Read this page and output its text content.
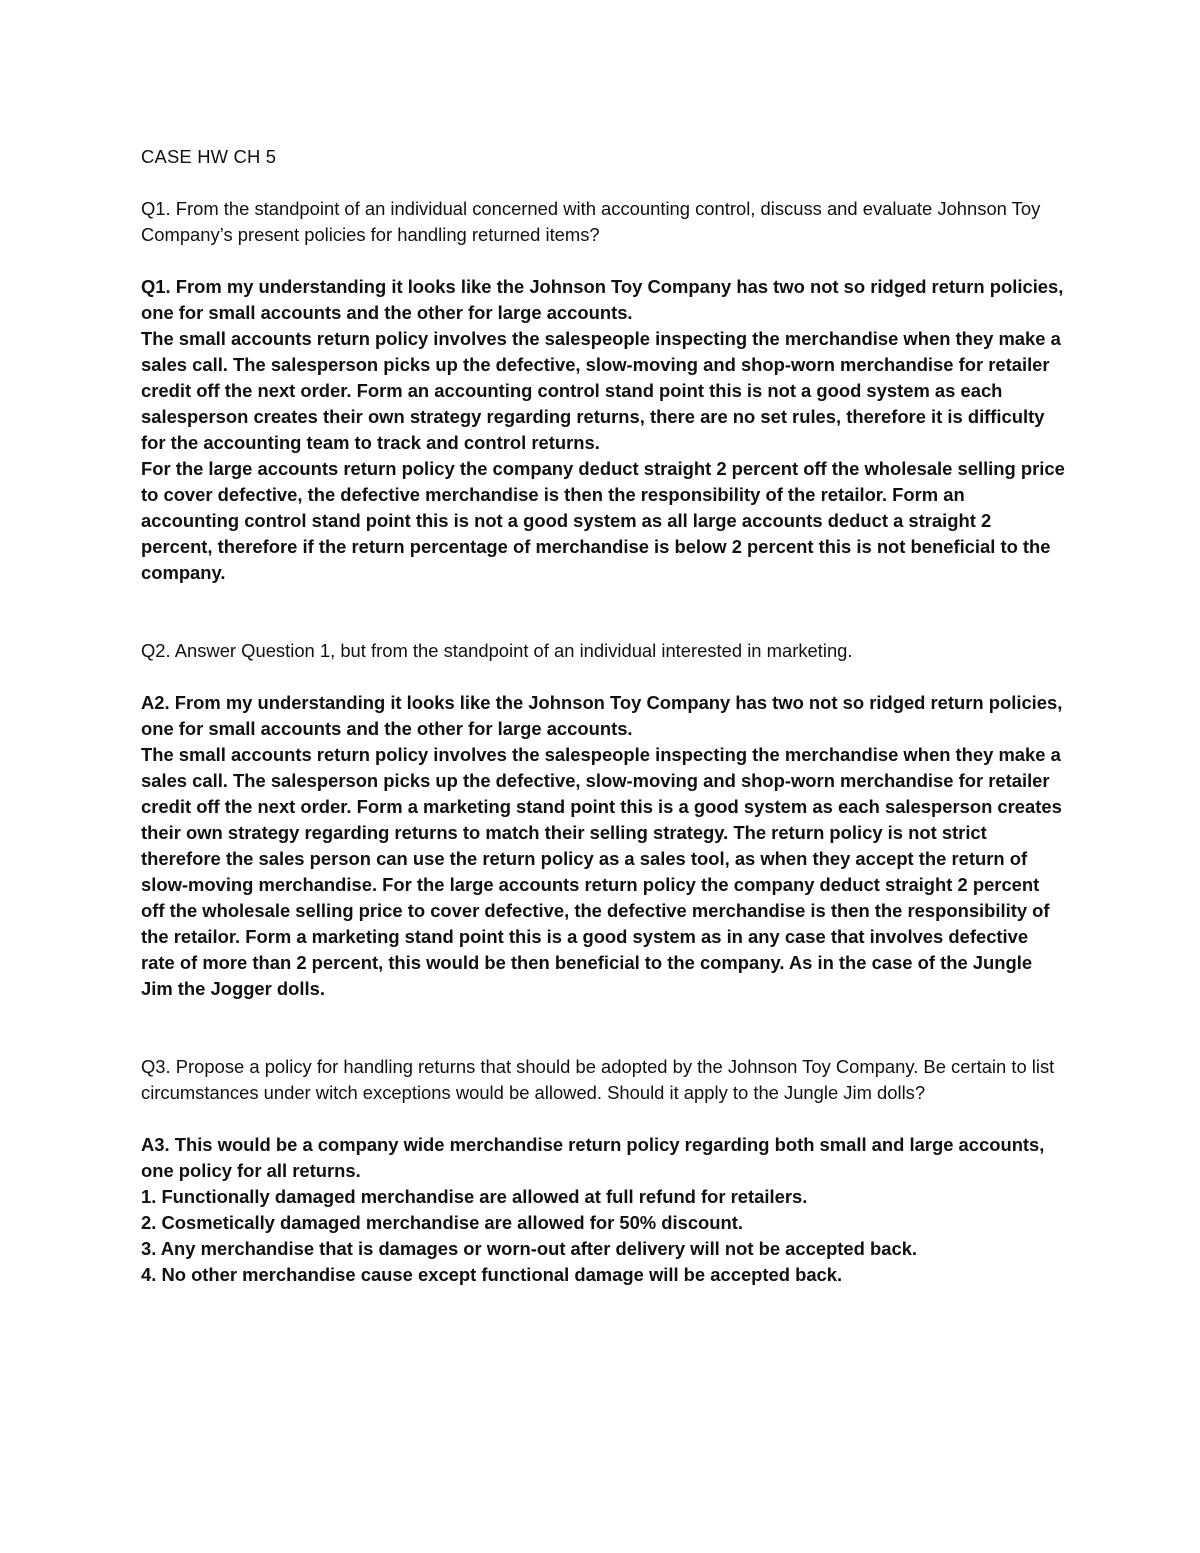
CASE HW CH 5

Q1. From the standpoint of an individual concerned with accounting control, discuss and evaluate Johnson Toy Company’s present policies for handling returned items?

Q1. From my understanding it looks like the Johnson Toy Company has two not so ridged return policies, one for small accounts and the other for large accounts.

The small accounts return policy involves the salespeople inspecting the merchandise when they make a sales call. The salesperson picks up the defective, slow-moving and shop-worn merchandise for retailer credit off the next order. Form an accounting control stand point this is not a good system as each salesperson creates their own strategy regarding returns, there are no set rules, therefore it is difficulty for the accounting team to track and control returns.

For the large accounts return policy the company deduct straight 2 percent off the wholesale selling price to cover defective, the defective merchandise is then the responsibility of the retailor. Form an accounting control stand point this is not a good system as all large accounts deduct a straight 2 percent, therefore if the return percentage of merchandise is below 2 percent this is not beneficial to the company.

Q2. Answer Question 1, but from the standpoint of an individual interested in marketing.

A2. From my understanding it looks like the Johnson Toy Company has two not so ridged return policies, one for small accounts and the other for large accounts.

The small accounts return policy involves the salespeople inspecting the merchandise when they make a sales call. The salesperson picks up the defective, slow-moving and shop-worn merchandise for retailer credit off the next order. Form a marketing stand point this is a good system as each salesperson creates their own strategy regarding returns to match their selling strategy. The return policy is not strict therefore the sales person can use the return policy as a sales tool, as when they accept the return of slow-moving merchandise. For the large accounts return policy the company deduct straight 2 percent off the wholesale selling price to cover defective, the defective merchandise is then the responsibility of the retailor. Form a marketing stand point this is a good system as in any case that involves defective rate of more than 2 percent, this would be then beneficial to the company. As in the case of the Jungle Jim the Jogger dolls.

Q3. Propose a policy for handling returns that should be adopted by the Johnson Toy Company. Be certain to list circumstances under witch exceptions would be allowed. Should it apply to the Jungle Jim dolls?

A3. This would be a company wide merchandise return policy regarding both small and large accounts, one policy for all returns.

1. Functionally damaged merchandise are allowed at full refund for retailers.

2. Cosmetically damaged merchandise are allowed for 50% discount.

3. Any merchandise that is damages or worn-out after delivery will not be accepted back.

4. No other merchandise cause except functional damage will be accepted back.
